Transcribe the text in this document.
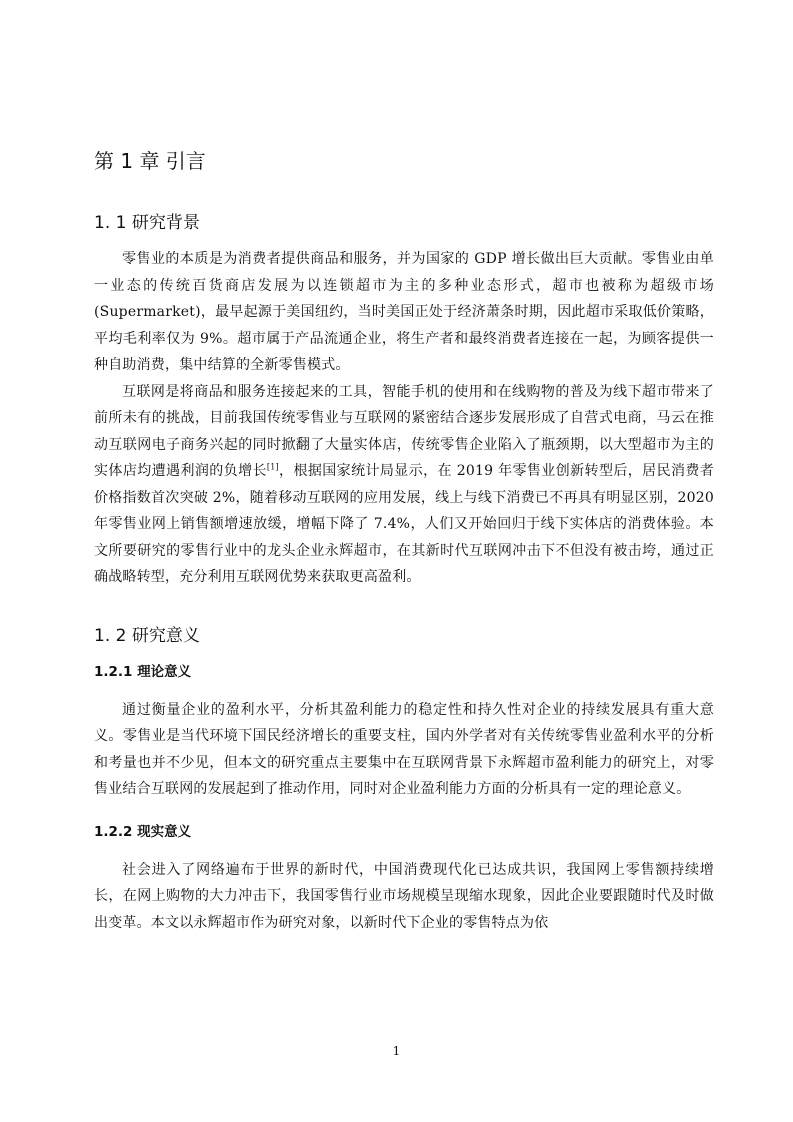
第 1 章 引言
1. 1 研究背景

零售业的本质是为消费者提供商品和服务，并为国家的 GDP 增长做出巨大贡献。零售业由单一业态的传统百货商店发展为以连锁超市为主的多种业态形式，超市也被称为超级市场(Supermarket)，最早起源于美国纽约，当时美国正处于经济萧条时期，因此超市采取低价策略，平均毛利率仅为 9%。超市属于产品流通企业，将生产者和最终消费者连接在一起，为顾客提供一种自助消费，集中结算的全新零售模式。

互联网是将商品和服务连接起来的工具，智能手机的使用和在线购物的普及为线下超市带来了前所未有的挑战，目前我国传统零售业与互联网的紧密结合逐步发展形成了自营式电商，马云在推动互联网电子商务兴起的同时掀翻了大量实体店，传统零售企业陷入了瓶颈期，以大型超市为主的实体店均遭遇利润的负增长[1]，根据国家统计局显示，在 2019 年零售业创新转型后，居民消费者价格指数首次突破 2%，随着移动互联网的应用发展，线上与线下消费已不再具有明显区别，2020 年零售业网上销售额增速放缓，增幅下降了 7.4%，人们又开始回归于线下实体店的消费体验。本文所要研究的零售行业中的龙头企业永辉超市，在其新时代互联网冲击下不但没有被击垮，通过正确战略转型，充分利用互联网优势来获取更高盈利。

1. 2 研究意义
1.2.1 理论意义

通过衡量企业的盈利水平，分析其盈利能力的稳定性和持久性对企业的持续发展具有重大意义。零售业是当代环境下国民经济增长的重要支柱，国内外学者对有关传统零售业盈利水平的分析和考量也并不少见，但本文的研究重点主要集中在互联网背景下永辉超市盈利能力的研究上，对零售业结合互联网的发展起到了推动作用，同时对企业盈利能力方面的分析具有一定的理论意义。

1.2.2 现实意义

社会进入了网络遍布于世界的新时代，中国消费现代化已达成共识，我国网上零售额持续增长，在网上购物的大力冲击下，我国零售行业市场规模呈现缩水现象，因此企业要跟随时代及时做出变革。本文以永辉超市作为研究对象，以新时代下企业的零售特点为依

1
